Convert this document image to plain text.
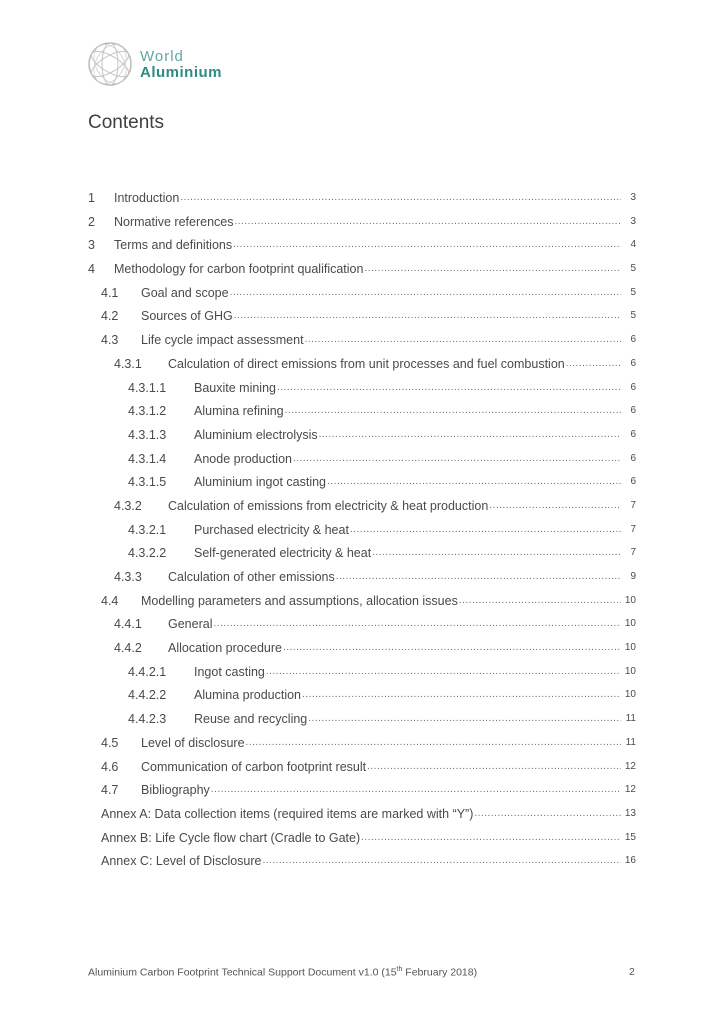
World
Aluminium
Contents
1	Introduction .....	3
2	Normative references .....	3
3	Terms and definitions .....	4
4	Methodology for carbon footprint qualification .....	5
4.1	Goal and scope .....	5
4.2	Sources of GHG .....	5
4.3	Life cycle impact assessment .....	6
4.3.1	Calculation of direct emissions from unit processes and fuel combustion .....	6
4.3.1.1	Bauxite mining .....	6
4.3.1.2	Alumina refining .....	6
4.3.1.3	Aluminium electrolysis .....	6
4.3.1.4	Anode production .....	6
4.3.1.5	Aluminium ingot casting .....	6
4.3.2	Calculation of emissions from electricity & heat production .....	7
4.3.2.1	Purchased electricity & heat .....	7
4.3.2.2	Self-generated electricity & heat .....	7
4.3.3	Calculation of other emissions .....	9
4.4	Modelling parameters and assumptions, allocation issues .....	10
4.4.1	General .....	10
4.4.2	Allocation procedure .....	10
4.4.2.1	Ingot casting .....	10
4.4.2.2	Alumina production .....	10
4.4.2.3	Reuse and recycling .....	11
4.5	Level of disclosure .....	11
4.6	Communication of carbon footprint result .....	12
4.7	Bibliography .....	12
Annex A: Data collection items (required items are marked with “Y”) .....	13
Annex B: Life Cycle flow chart (Cradle to Gate) .....	15
Annex C: Level of Disclosure .....	16
Aluminium Carbon Footprint Technical Support Document v1.0 (15th February 2018)	2
